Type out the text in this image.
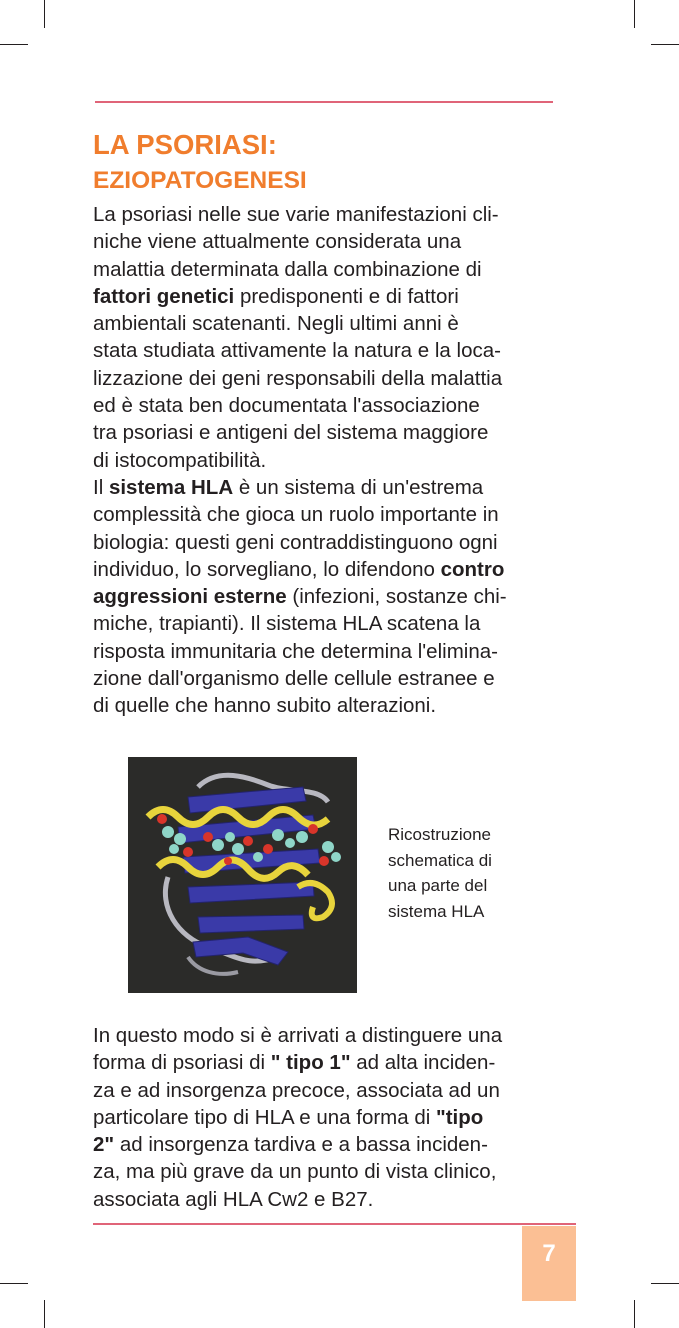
LA PSORIASI:
EZIOPATOGENESI
La psoriasi nelle sue varie manifestazioni cli-
niche viene attualmente considerata una
malattia determinata dalla combinazione di
fattori genetici predisponenti e di fattori
ambientali scatenanti. Negli ultimi anni è
stata studiata attivamente la natura e la loca-
lizzazione dei geni responsabili della malattia
ed è stata ben documentata l'associazione
tra psoriasi e antigeni del sistema maggiore
di istocompatibilità.
Il sistema HLA è un sistema di un'estrema
complessità che gioca un ruolo importante in
biologia: questi geni contraddistinguono ogni
individuo, lo sorvegliano, lo difendono contro
aggressioni esterne (infezioni, sostanze chi-
miche, trapianti). Il sistema HLA scatena la
risposta immunitaria che determina l'elimina-
zione dall'organismo delle cellule estranee e
di quelle che hanno subito alterazioni.
Ricostruzione
schematica di
una parte del
sistema HLA
In questo modo si è arrivati a distinguere una
forma di psoriasi di " tipo 1" ad alta inciden-
za e ad insorgenza precoce, associata ad un
particolare tipo di HLA e una forma di "tipo
2" ad insorgenza tardiva e a bassa inciden-
za, ma più grave da un punto di vista clinico,
associata agli HLA Cw2 e B27.
7
